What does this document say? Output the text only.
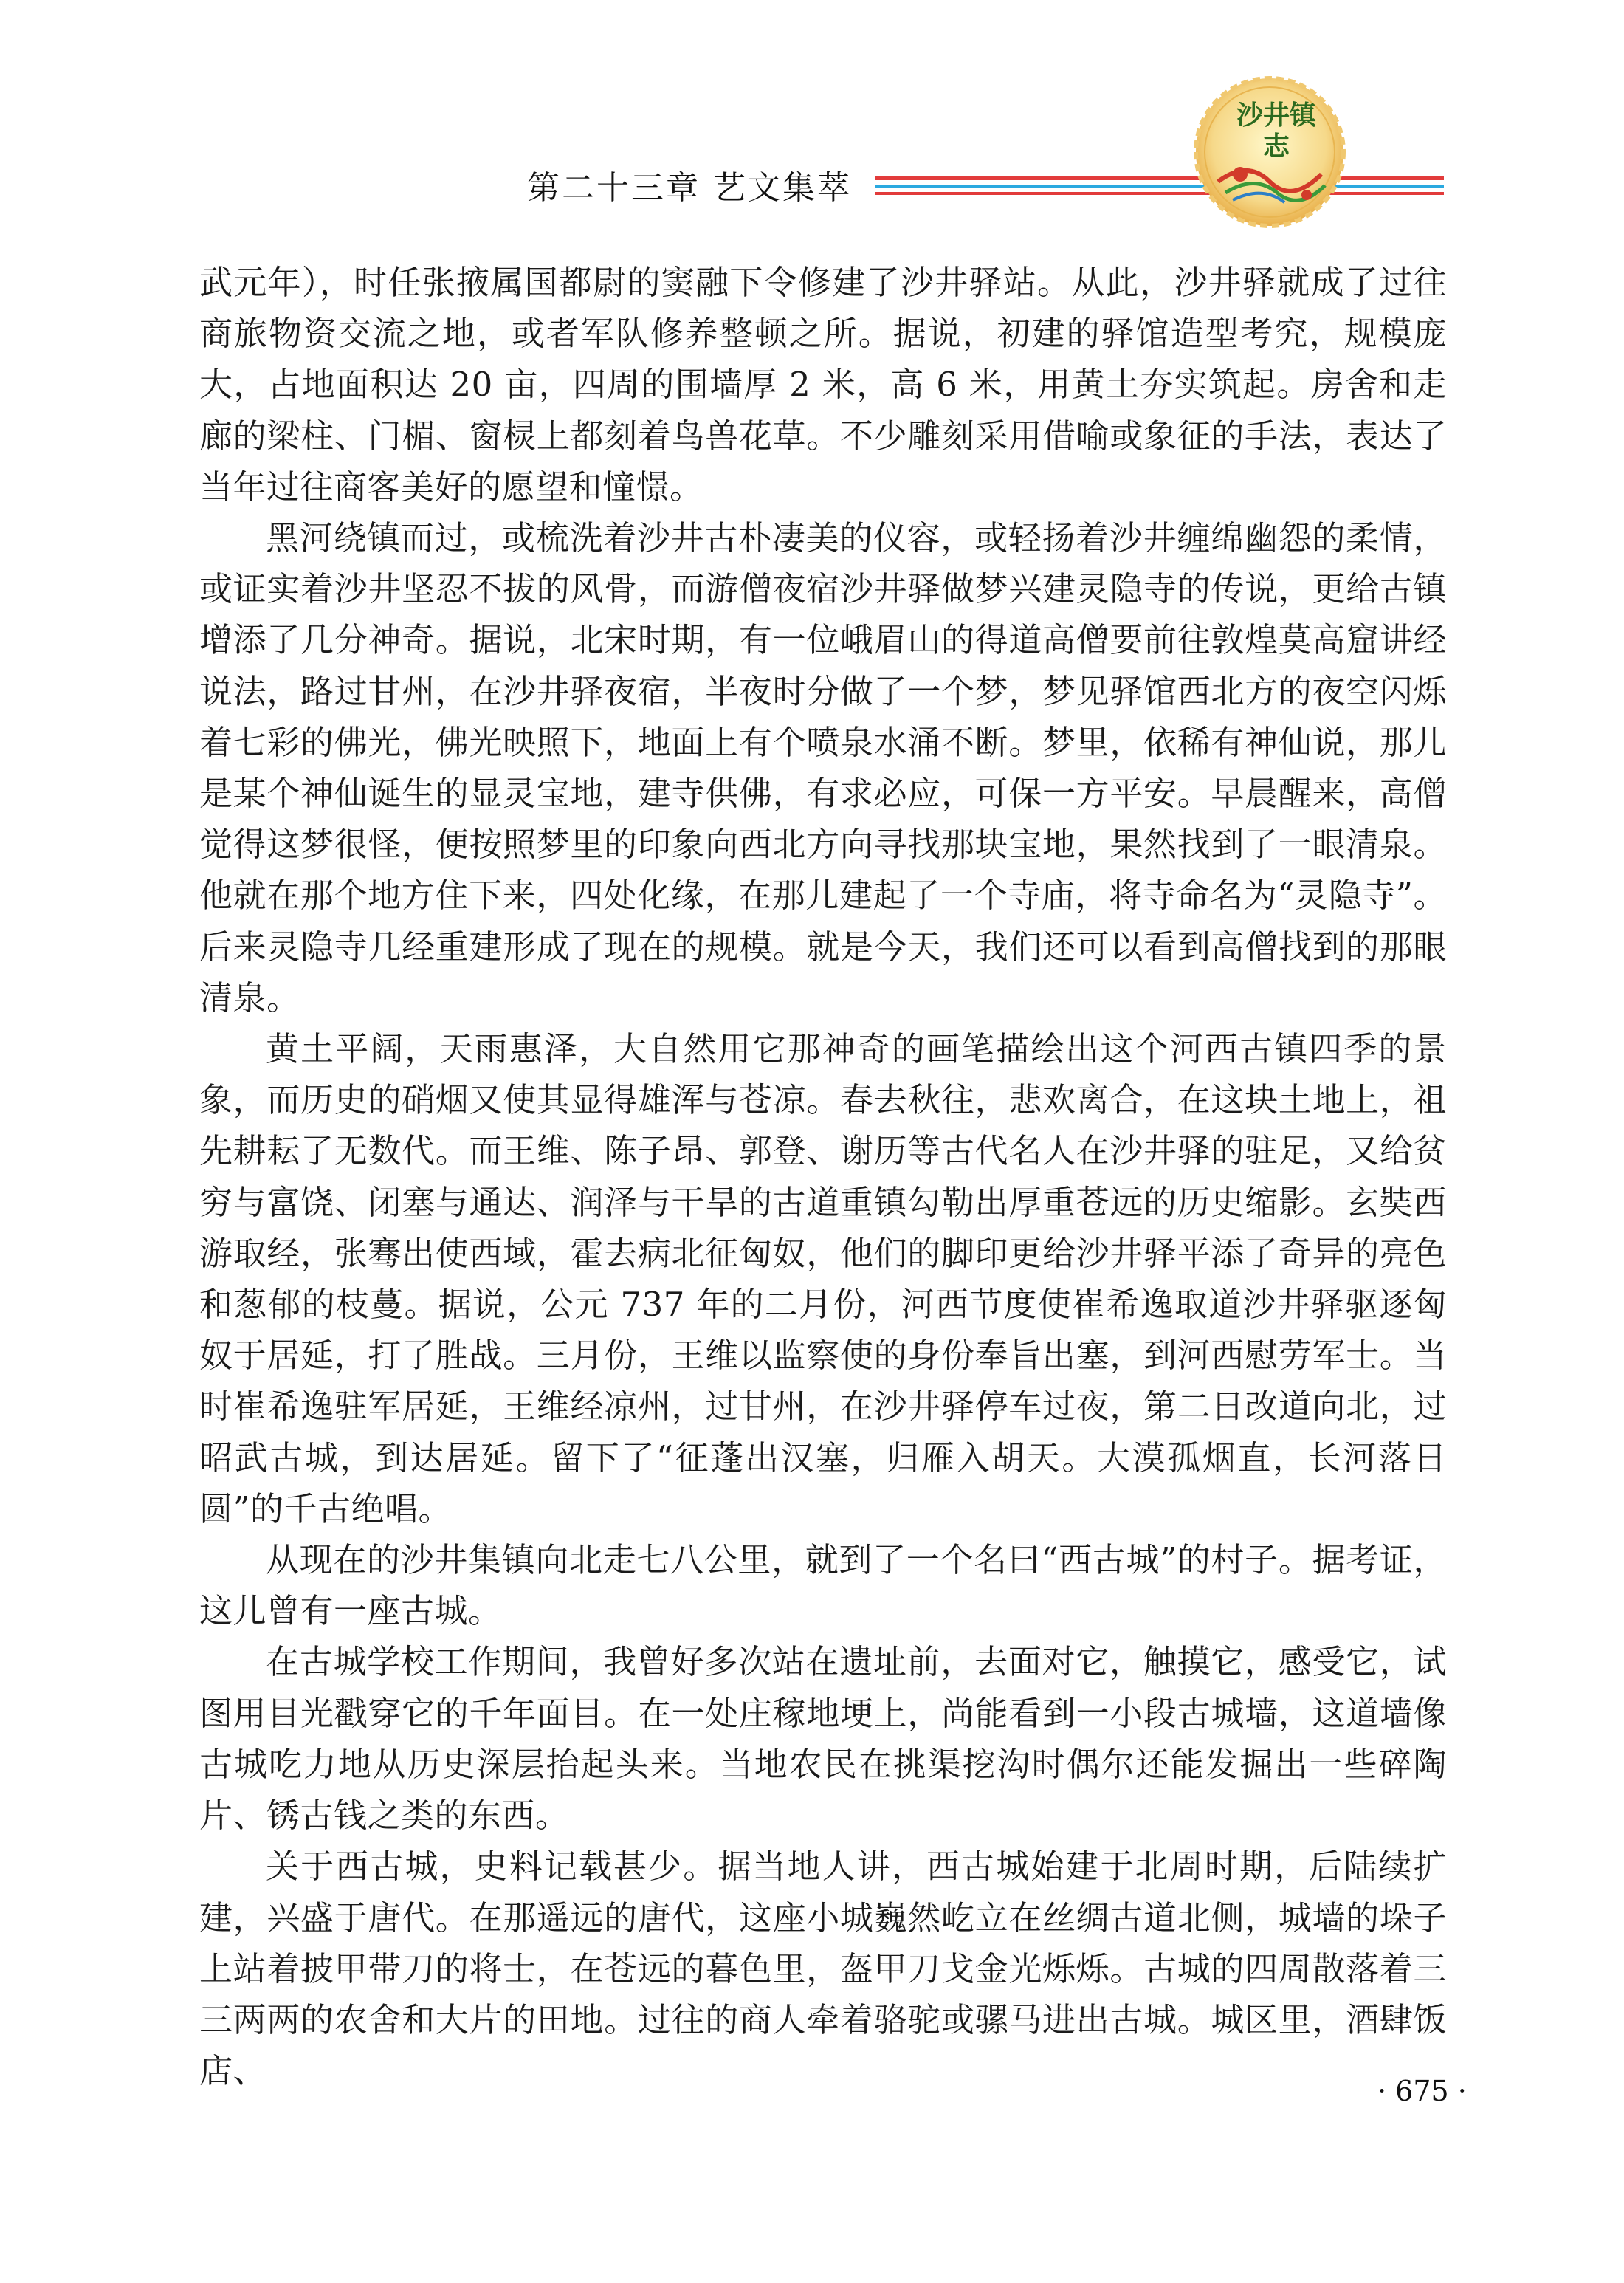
第二十三章 艺文集萃
沙井镇志

武元年），时任张掖属国都尉的窦融下令修建了沙井驿站。从此，沙井驿就成了过往商旅物资交流之地，或者军队修养整顿之所。据说，初建的驿馆造型考究，规模庞大，占地面积达 20 亩，四周的围墙厚 2 米，高 6 米，用黄土夯实筑起。房舍和走廊的梁柱、门楣、窗棂上都刻着鸟兽花草。不少雕刻采用借喻或象征的手法，表达了当年过往商客美好的愿望和憧憬。

黑河绕镇而过，或梳洗着沙井古朴凄美的仪容，或轻扬着沙井缠绵幽怨的柔情，或证实着沙井坚忍不拔的风骨，而游僧夜宿沙井驿做梦兴建灵隐寺的传说，更给古镇增添了几分神奇。据说，北宋时期，有一位峨眉山的得道高僧要前往敦煌莫高窟讲经说法，路过甘州，在沙井驿夜宿，半夜时分做了一个梦，梦见驿馆西北方的夜空闪烁着七彩的佛光，佛光映照下，地面上有个喷泉水涌不断。梦里，依稀有神仙说，那儿是某个神仙诞生的显灵宝地，建寺供佛，有求必应，可保一方平安。早晨醒来，高僧觉得这梦很怪，便按照梦里的印象向西北方向寻找那块宝地，果然找到了一眼清泉。他就在那个地方住下来，四处化缘，在那儿建起了一个寺庙，将寺命名为“灵隐寺”。后来灵隐寺几经重建形成了现在的规模。就是今天，我们还可以看到高僧找到的那眼清泉。

黄土平阔，天雨惠泽，大自然用它那神奇的画笔描绘出这个河西古镇四季的景象，而历史的硝烟又使其显得雄浑与苍凉。春去秋往，悲欢离合，在这块土地上，祖先耕耘了无数代。而王维、陈子昂、郭登、谢历等古代名人在沙井驿的驻足，又给贫穷与富饶、闭塞与通达、润泽与干旱的古道重镇勾勒出厚重苍远的历史缩影。玄奘西游取经，张骞出使西域，霍去病北征匈奴，他们的脚印更给沙井驿平添了奇异的亮色和葱郁的枝蔓。据说，公元 737 年的二月份，河西节度使崔希逸取道沙井驿驱逐匈奴于居延，打了胜战。三月份，王维以监察使的身份奉旨出塞，到河西慰劳军士。当时崔希逸驻军居延，王维经凉州，过甘州，在沙井驿停车过夜，第二日改道向北，过昭武古城，到达居延。留下了“征蓬出汉塞，归雁入胡天。大漠孤烟直，长河落日圆”的千古绝唱。

从现在的沙井集镇向北走七八公里，就到了一个名曰“西古城”的村子。据考证，这儿曾有一座古城。

在古城学校工作期间，我曾好多次站在遗址前，去面对它，触摸它，感受它，试图用目光戳穿它的千年面目。在一处庄稼地埂上，尚能看到一小段古城墙，这道墙像古城吃力地从历史深层抬起头来。当地农民在挑渠挖沟时偶尔还能发掘出一些碎陶片、锈古钱之类的东西。

关于西古城，史料记载甚少。据当地人讲，西古城始建于北周时期，后陆续扩建，兴盛于唐代。在那遥远的唐代，这座小城巍然屹立在丝绸古道北侧，城墙的垛子上站着披甲带刀的将士，在苍远的暮色里，盔甲刀戈金光烁烁。古城的四周散落着三三两两的农舍和大片的田地。过往的商人牵着骆驼或骡马进出古城。城区里，酒肆饭店、

· 675 ·
